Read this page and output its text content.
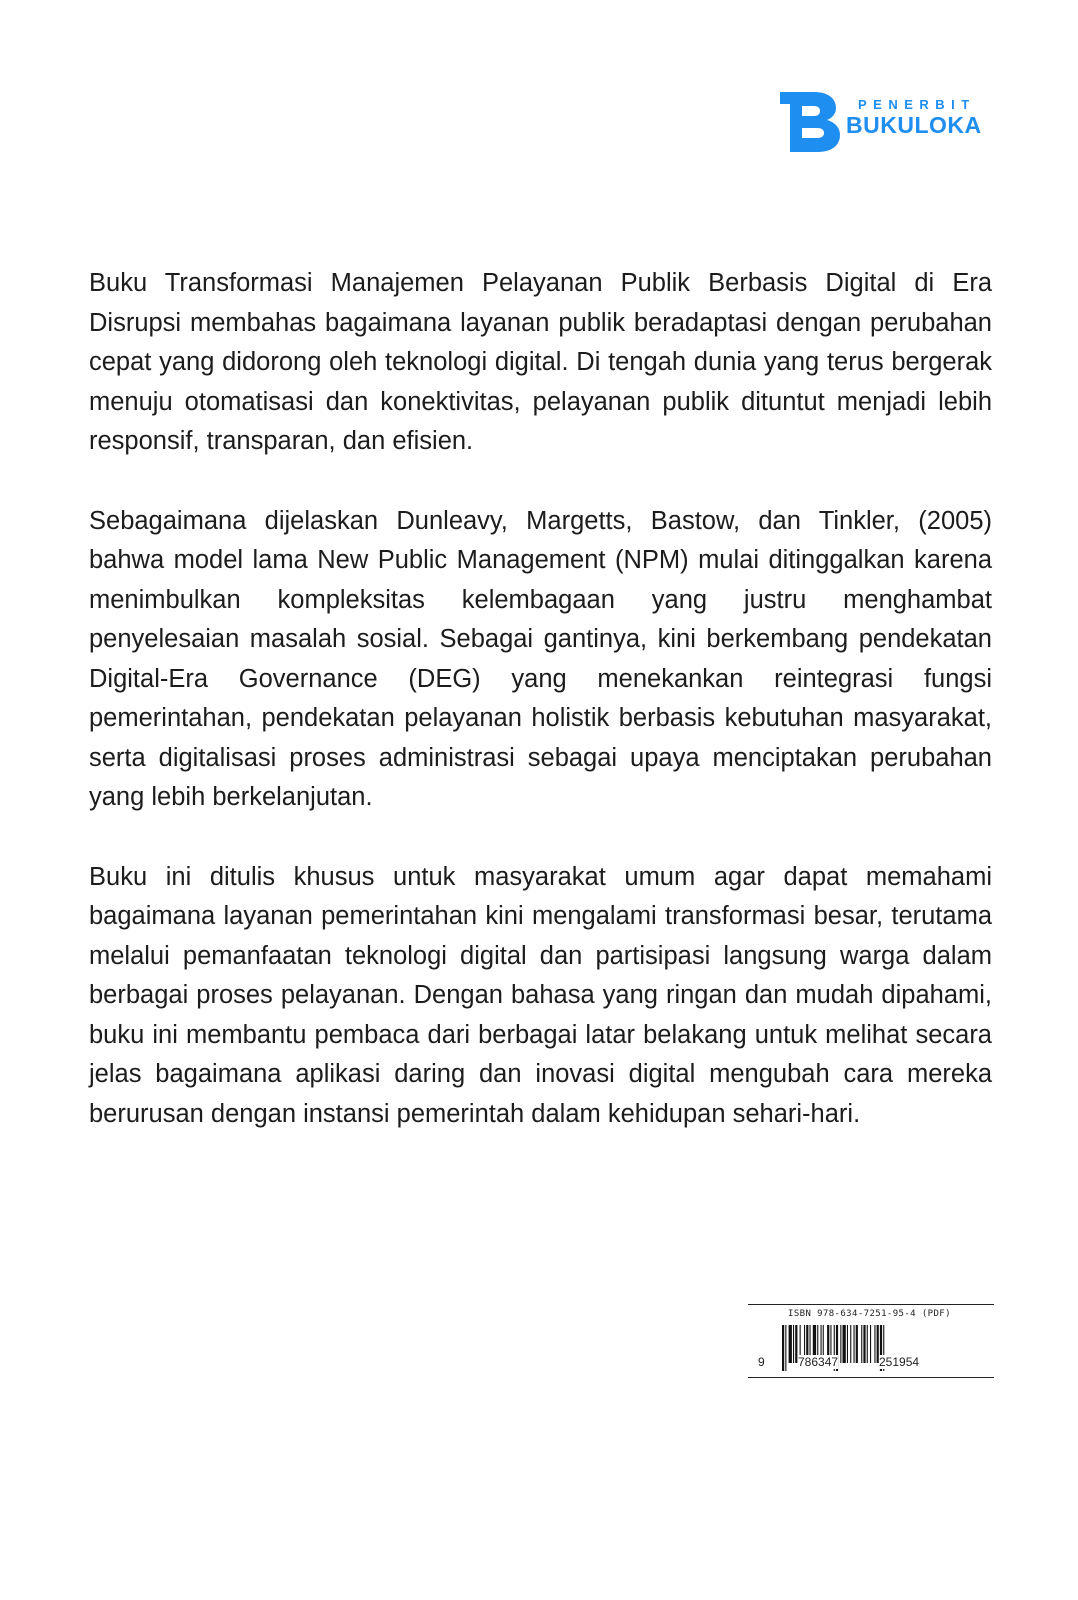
PENERBIT
BUKULOKA

Buku Transformasi Manajemen Pelayanan Publik Berbasis Digital di Era Disrupsi membahas bagaimana layanan publik beradaptasi dengan perubahan cepat yang didorong oleh teknologi digital. Di tengah dunia yang terus bergerak menuju otomatisasi dan konektivitas, pelayanan publik dituntut menjadi lebih responsif, transparan, dan efisien.

Sebagaimana dijelaskan Dunleavy, Margetts, Bastow, dan Tinkler, (2005) bahwa model lama New Public Management (NPM) mulai ditinggalkan karena menimbulkan kompleksitas kelembagaan yang justru menghambat penyelesaian masalah sosial. Sebagai gantinya, kini berkembang pendekatan Digital-Era Governance (DEG) yang menekankan reintegrasi fungsi pemerintahan, pendekatan pelayanan holistik berbasis kebutuhan masyarakat, serta digitalisasi proses administrasi sebagai upaya menciptakan perubahan yang lebih berkelanjutan.

Buku ini ditulis khusus untuk masyarakat umum agar dapat memahami bagaimana layanan pemerintahan kini mengalami transformasi besar, terutama melalui pemanfaatan teknologi digital dan partisipasi langsung warga dalam berbagai proses pelayanan. Dengan bahasa yang ringan dan mudah dipahami, buku ini membantu pembaca dari berbagai latar belakang untuk melihat secara jelas bagaimana aplikasi daring dan inovasi digital mengubah cara mereka berurusan dengan instansi pemerintah dalam kehidupan sehari-hari.

ISBN 978-634-7251-95-4 (PDF)
9	786347	251954
